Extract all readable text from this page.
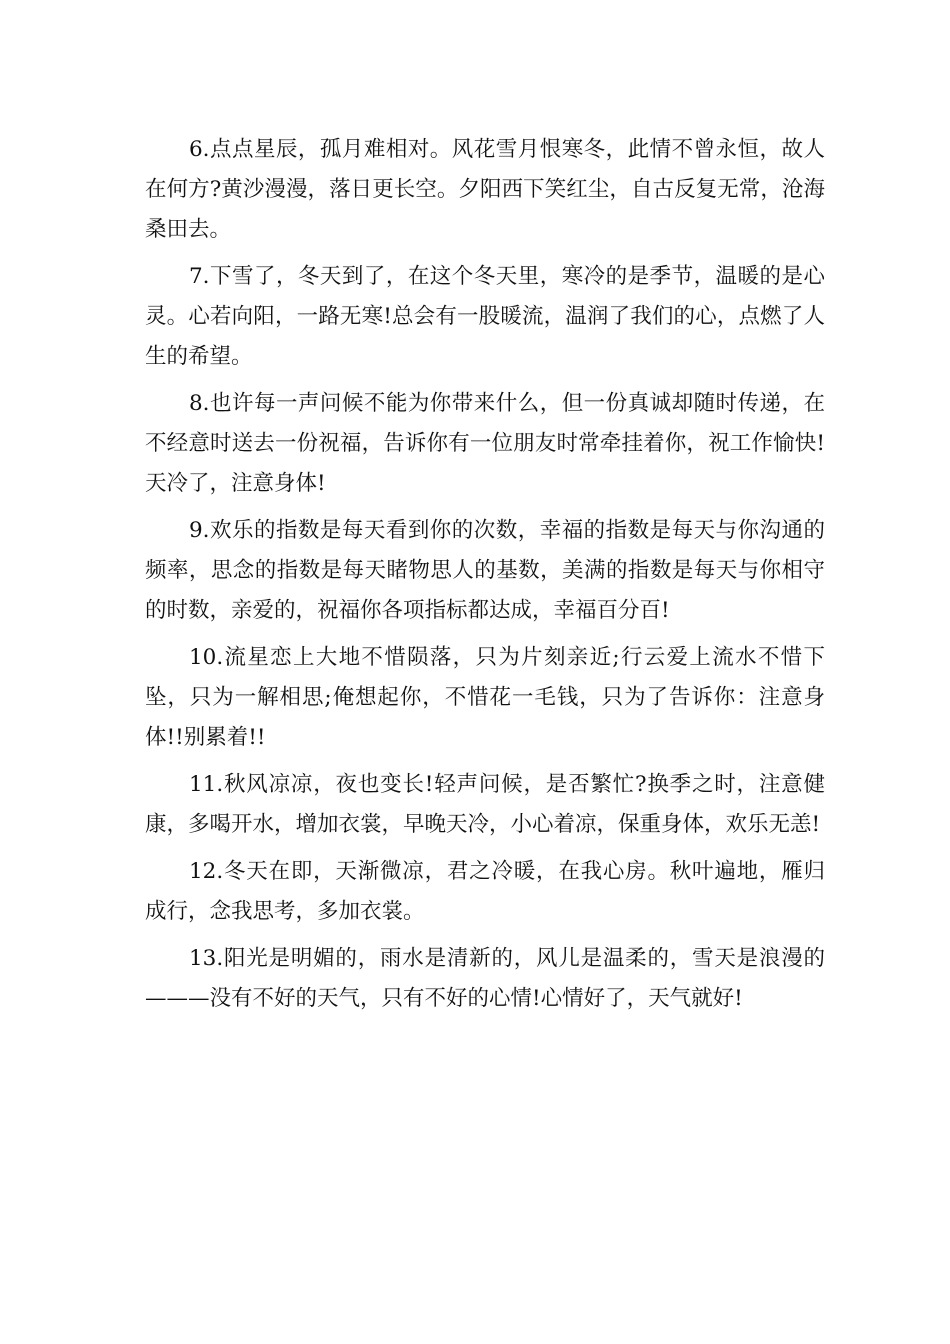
6.点点星辰，孤月难相对。风花雪月恨寒冬，此情不曾永恒，故人在何方?黄沙漫漫，落日更长空。夕阳西下笑红尘，自古反复无常，沧海桑田去。

7.下雪了，冬天到了，在这个冬天里，寒冷的是季节，温暖的是心灵。心若向阳，一路无寒!总会有一股暖流，温润了我们的心，点燃了人生的希望。

8.也许每一声问候不能为你带来什么，但一份真诚却随时传递，在不经意时送去一份祝福，告诉你有一位朋友时常牵挂着你，祝工作愉快!天冷了，注意身体!

9.欢乐的指数是每天看到你的次数，幸福的指数是每天与你沟通的频率，思念的指数是每天睹物思人的基数，美满的指数是每天与你相守的时数，亲爱的，祝福你各项指标都达成，幸福百分百!

10.流星恋上大地不惜陨落，只为片刻亲近;行云爱上流水不惜下坠，只为一解相思;俺想起你，不惜花一毛钱，只为了告诉你：注意身体!!别累着!!

11.秋风凉凉，夜也变长!轻声问候，是否繁忙?换季之时，注意健康，多喝开水，增加衣裳，早晚天冷，小心着凉，保重身体，欢乐无恙!

12.冬天在即，天渐微凉，君之冷暖，在我心房。秋叶遍地，雁归成行，念我思考，多加衣裳。

13.阳光是明媚的，雨水是清新的，风儿是温柔的，雪天是浪漫的———没有不好的天气，只有不好的心情!心情好了，天气就好!
